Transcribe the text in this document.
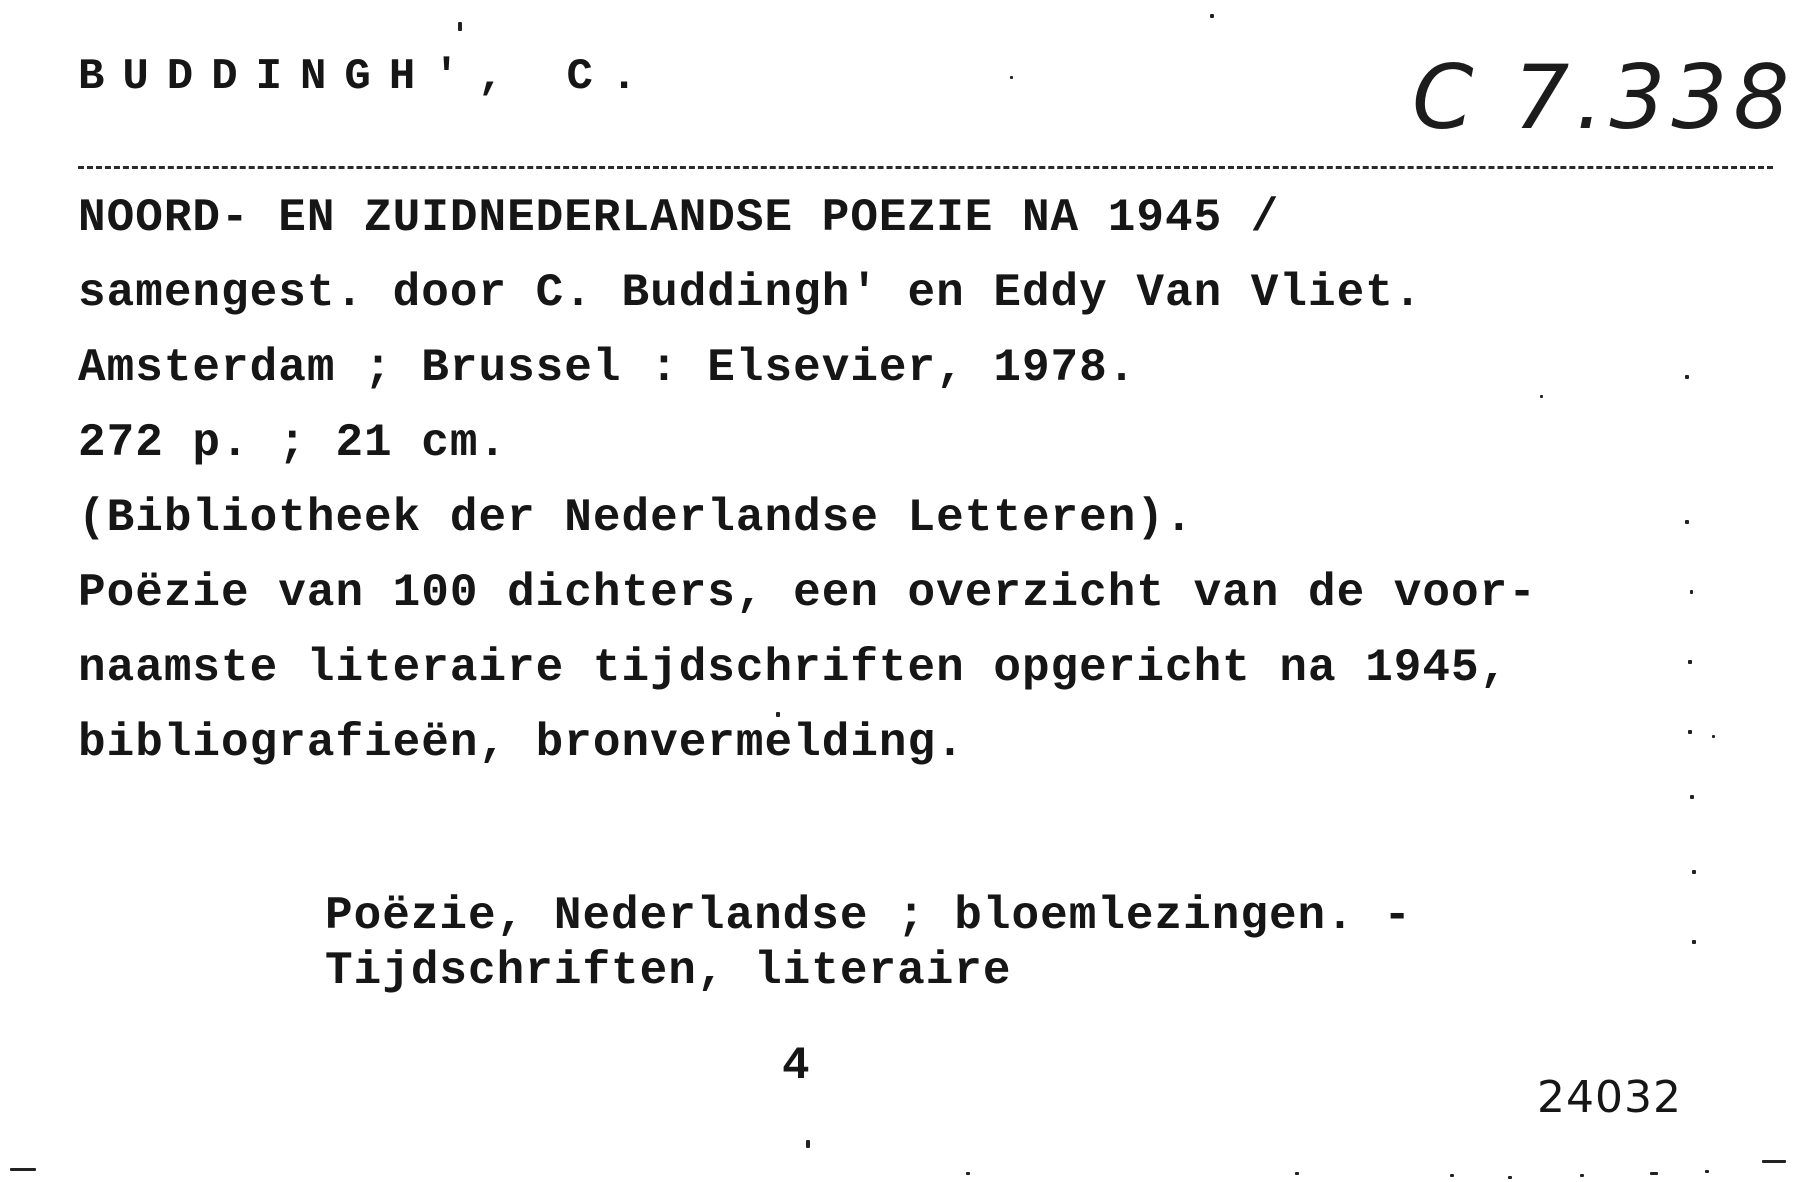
BUDDINGH', C.	C 7.338
NOORD- EN ZUIDNEDERLANDSE POEZIE NA 1945 /
samengest. door C. Buddingh' en Eddy Van Vliet.
Amsterdam ; Brussel : Elsevier, 1978.
272 p. ; 21 cm.
(Bibliotheek der Nederlandse Letteren).
Poëzie van 100 dichters, een overzicht van de voor-
naamste literaire tijdschriften opgericht na 1945,
bibliografieën, bronvermelding.
Poëzie, Nederlandse ; bloemlezingen. -
Tijdschriften, literaire
4
24032
